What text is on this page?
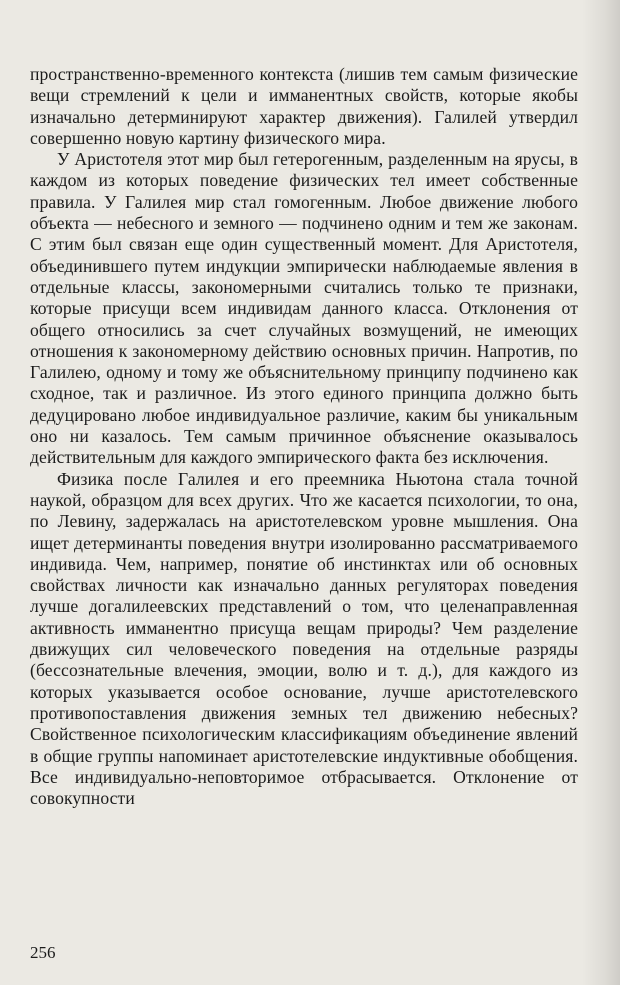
пространственно-временного контекста (лишив тем самым физические вещи стремлений к цели и имманентных свойств, которые якобы изначально детерминируют характер движения). Галилей утвердил совершенно новую картину физического мира.

У Аристотеля этот мир был гетерогенным, разделенным на ярусы, в каждом из которых поведение физических тел имеет собственные правила. У Галилея мир стал гомогенным. Любое движение любого объекта — небесного и земного — подчинено одним и тем же законам. С этим был связан еще один существенный момент. Для Аристотеля, объединившего путем индукции эмпирически наблюдаемые явления в отдельные классы, закономерными считались только те признаки, которые присущи всем индивидам данного класса. Отклонения от общего относились за счет случайных возмущений, не имеющих отношения к закономерному действию основных причин. Напротив, по Галилею, одному и тому же объяснительному принципу подчинено как сходное, так и различное. Из этого единого принципа должно быть дедуцировано любое индивидуальное различие, каким бы уникальным оно ни казалось. Тем самым причинное объяснение оказывалось действительным для каждого эмпирического факта без исключения.

Физика после Галилея и его преемника Ньютона стала точной наукой, образцом для всех других. Что же касается психологии, то она, по Левину, задержалась на аристотелевском уровне мышления. Она ищет детерминанты поведения внутри изолированно рассматриваемого индивида. Чем, например, понятие об инстинктах или об основных свойствах личности как изначально данных регуляторах поведения лучше догалилеевских представлений о том, что целенаправленная активность имманентно присуща вещам природы? Чем разделение движущих сил человеческого поведения на отдельные разряды (бессознательные влечения, эмоции, волю и т. д.), для каждого из которых указывается особое основание, лучше аристотелевского противопоставления движения земных тел движению небесных? Свойственное психологическим классификациям объединение явлений в общие группы напоминает аристотелевские индуктивные обобщения. Все индивидуально-неповторимое отбрасывается. Отклонение от совокупности

256
